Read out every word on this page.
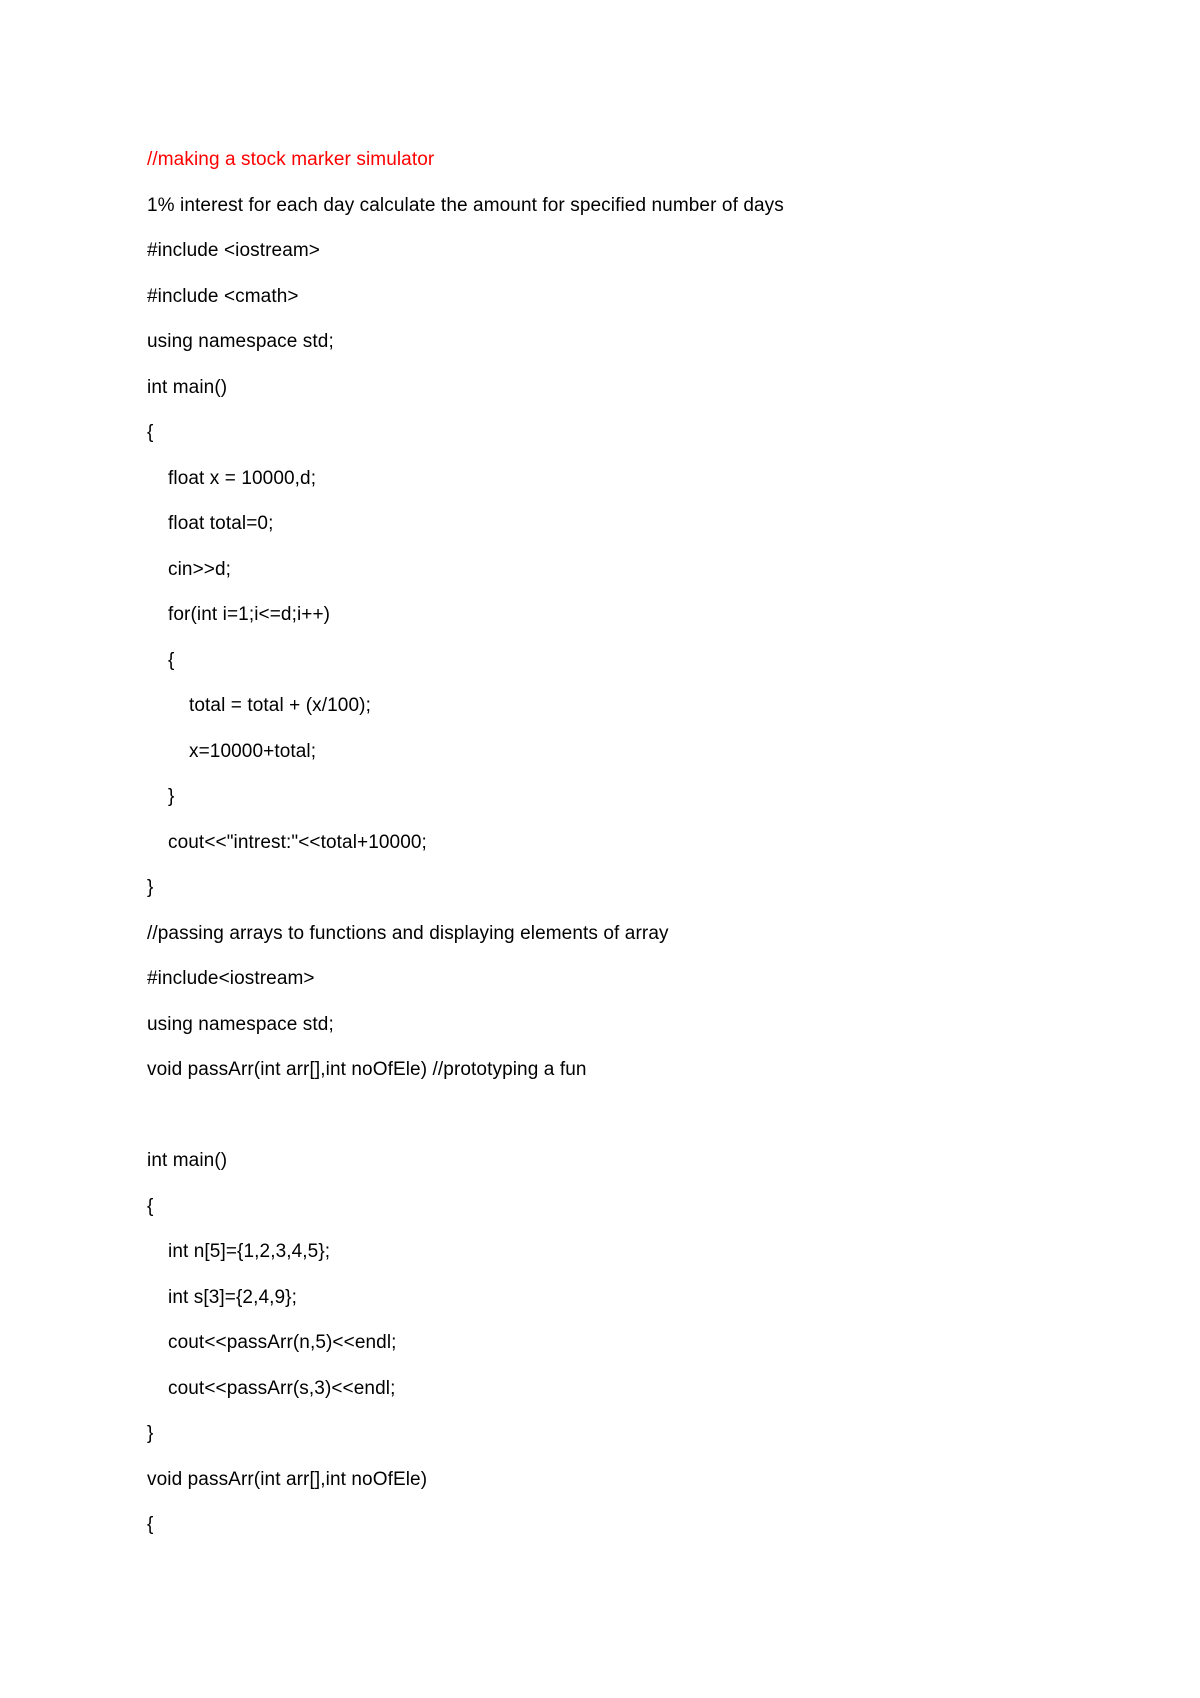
//making a stock marker simulator
1% interest for each day calculate the amount for specified number of days
#include <iostream>
#include <cmath>
using namespace std;
int main()
{
float x = 10000,d;
float total=0;
cin>>d;
for(int i=1;i<=d;i++)
{
total = total + (x/100);
x=10000+total;
}
cout<<"intrest:"<<total+10000;
}
//passing arrays to functions and displaying elements of array
#include<iostream>
using namespace std;
void passArr(int arr[],int noOfEle) //prototyping a fun
int main()
{
int n[5]={1,2,3,4,5};
int s[3]={2,4,9};
cout<<passArr(n,5)<<endl;
cout<<passArr(s,3)<<endl;
}
void passArr(int arr[],int noOfEle)
{
